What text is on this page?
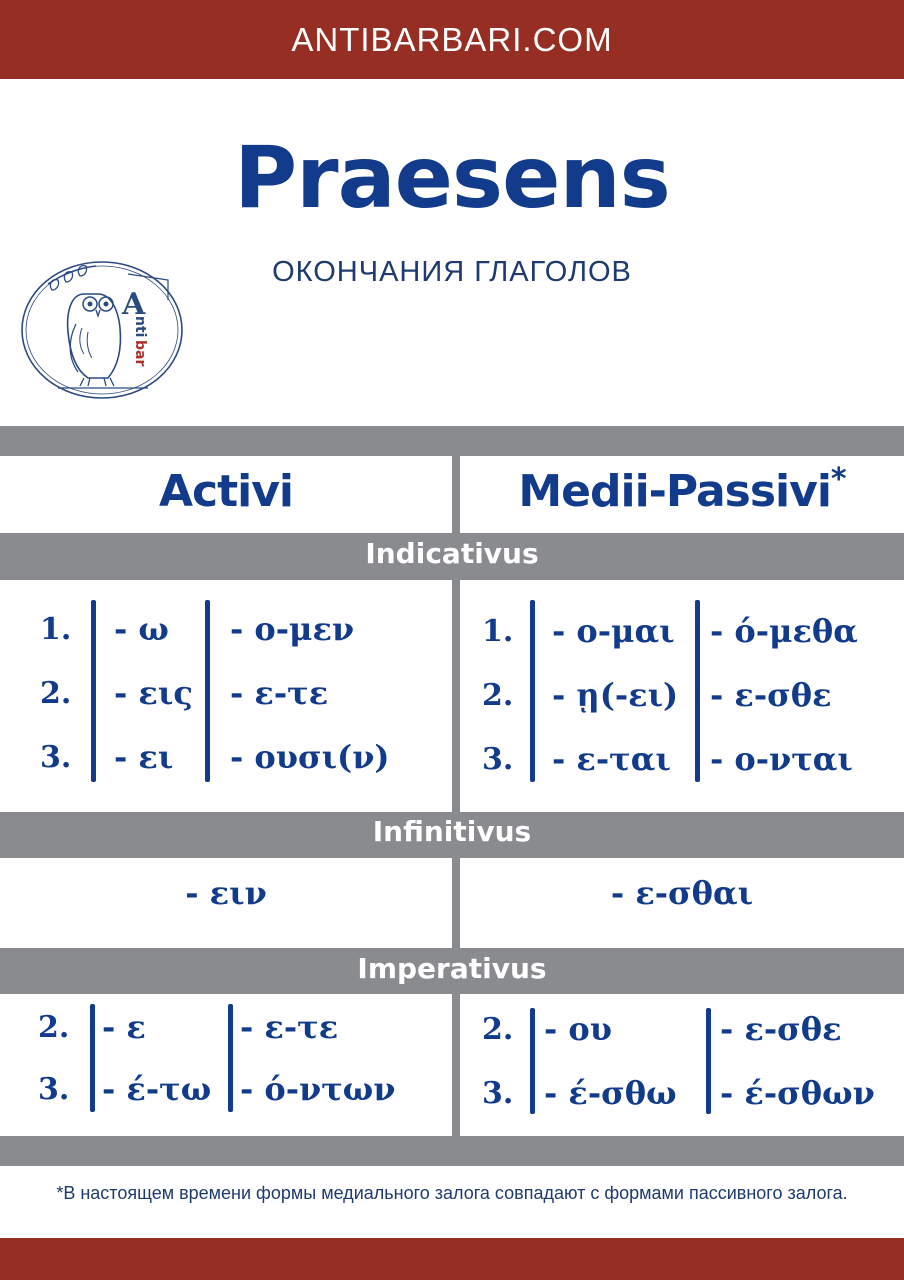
ANTIBARBARI.COM
Praesens
ОКОНЧАНИЯ ГЛАГОЛОВ
A
nti
bar
Activi	Medii-Passivi*
Indicativus
Infinitivus
Imperativus
1.
2.
3.
- ω
- εις
- ει
- ο-μεν
- ε-τε
- ουσι(ν)
1.
2.
3.
- ο-μαι
- ῃ(-ει)
- ε-ται
- ό-μεθα
- ε-σθε
- ο-νται
- ειν	- ε-σθαι
2.
3.
- ε
- έ-τω
- ε-τε
- ό-ντων
2.
3.
- ου
- έ-σθω
- ε-σθε
- έ-σθων
*В настоящем времени формы медиального залога совпадают с формами пассивного залога.
